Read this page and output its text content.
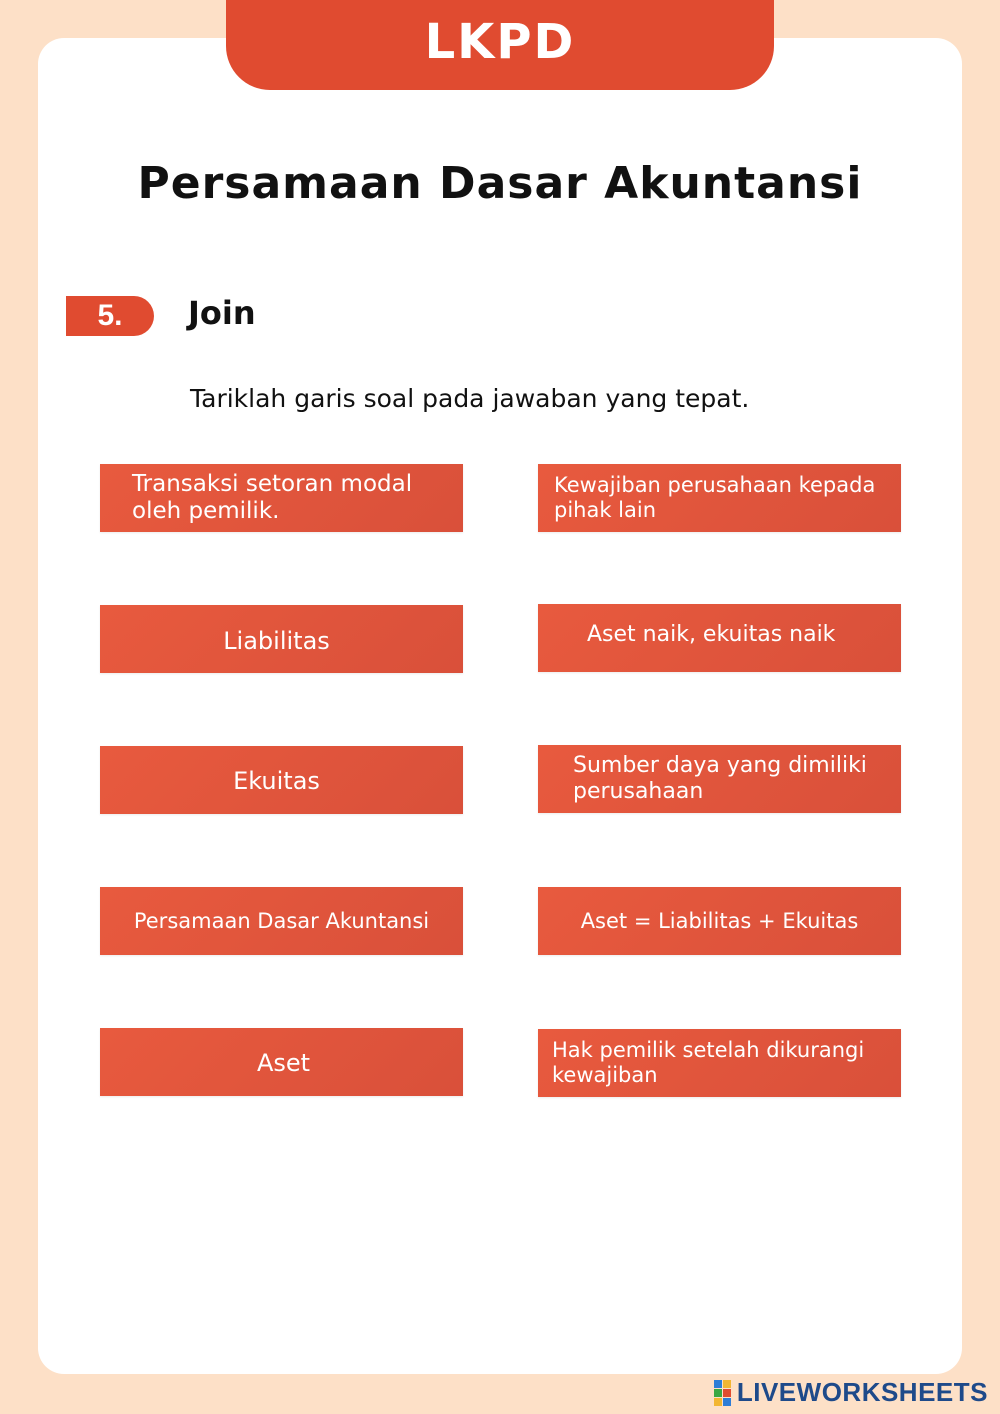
LKPD
Persamaan Dasar Akuntansi
5.	Join
Tariklah garis soal pada jawaban yang tepat.
Transaksi setoran modal oleh pemilik.
Liabilitas
Ekuitas
Persamaan Dasar Akuntansi
Aset
Kewajiban perusahaan kepada pihak lain
Aset naik, ekuitas naik
Sumber daya yang dimiliki perusahaan
Aset = Liabilitas + Ekuitas
Hak pemilik setelah dikurangi kewajiban
LIVEWORKSHEETS
